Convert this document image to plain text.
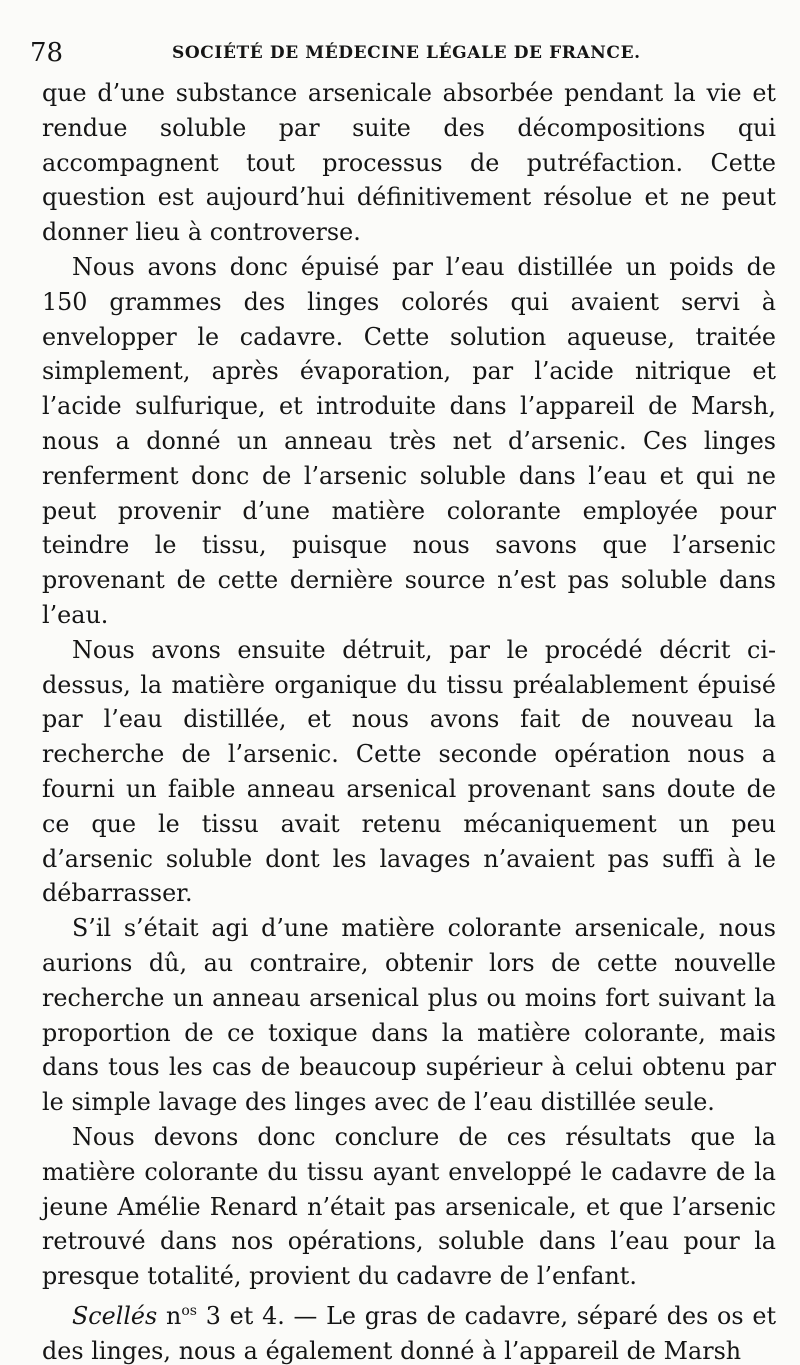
78	SOCIÉTÉ DE MÉDECINE LÉGALE DE FRANCE.

que d’une substance arsenicale absorbée pendant la vie et rendue soluble par suite des décompositions qui accompagnent tout processus de putréfaction. Cette question est aujourd’hui définitivement résolue et ne peut donner lieu à controverse.

Nous avons donc épuisé par l’eau distillée un poids de 150 grammes des linges colorés qui avaient servi à envelopper le cadavre. Cette solution aqueuse, traitée simplement, après évaporation, par l’acide nitrique et l’acide sulfurique, et introduite dans l’appareil de Marsh, nous a donné un anneau très net d’arsenic. Ces linges renferment donc de l’arsenic soluble dans l’eau et qui ne peut provenir d’une matière colorante employée pour teindre le tissu, puisque nous savons que l’arsenic provenant de cette dernière source n’est pas soluble dans l’eau.

Nous avons ensuite détruit, par le procédé décrit ci-dessus, la matière organique du tissu préalablement épuisé par l’eau distillée, et nous avons fait de nouveau la recherche de l’arsenic. Cette seconde opération nous a fourni un faible anneau arsenical provenant sans doute de ce que le tissu avait retenu mécaniquement un peu d’arsenic soluble dont les lavages n’avaient pas suffi à le débarrasser.

S’il s’était agi d’une matière colorante arsenicale, nous aurions dû, au contraire, obtenir lors de cette nouvelle recherche un anneau arsenical plus ou moins fort suivant la proportion de ce toxique dans la matière colorante, mais dans tous les cas de beaucoup supérieur à celui obtenu par le simple lavage des linges avec de l’eau distillée seule.

Nous devons donc conclure de ces résultats que la matière colorante du tissu ayant enveloppé le cadavre de la jeune Amélie Renard n’était pas arsenicale, et que l’arsenic retrouvé dans nos opérations, soluble dans l’eau pour la presque totalité, provient du cadavre de l’enfant.

Scellés $n^{os}$ 3 et 4. — Le gras de cadavre, séparé des os et des linges, nous a également donné à l’appareil de Marsh
